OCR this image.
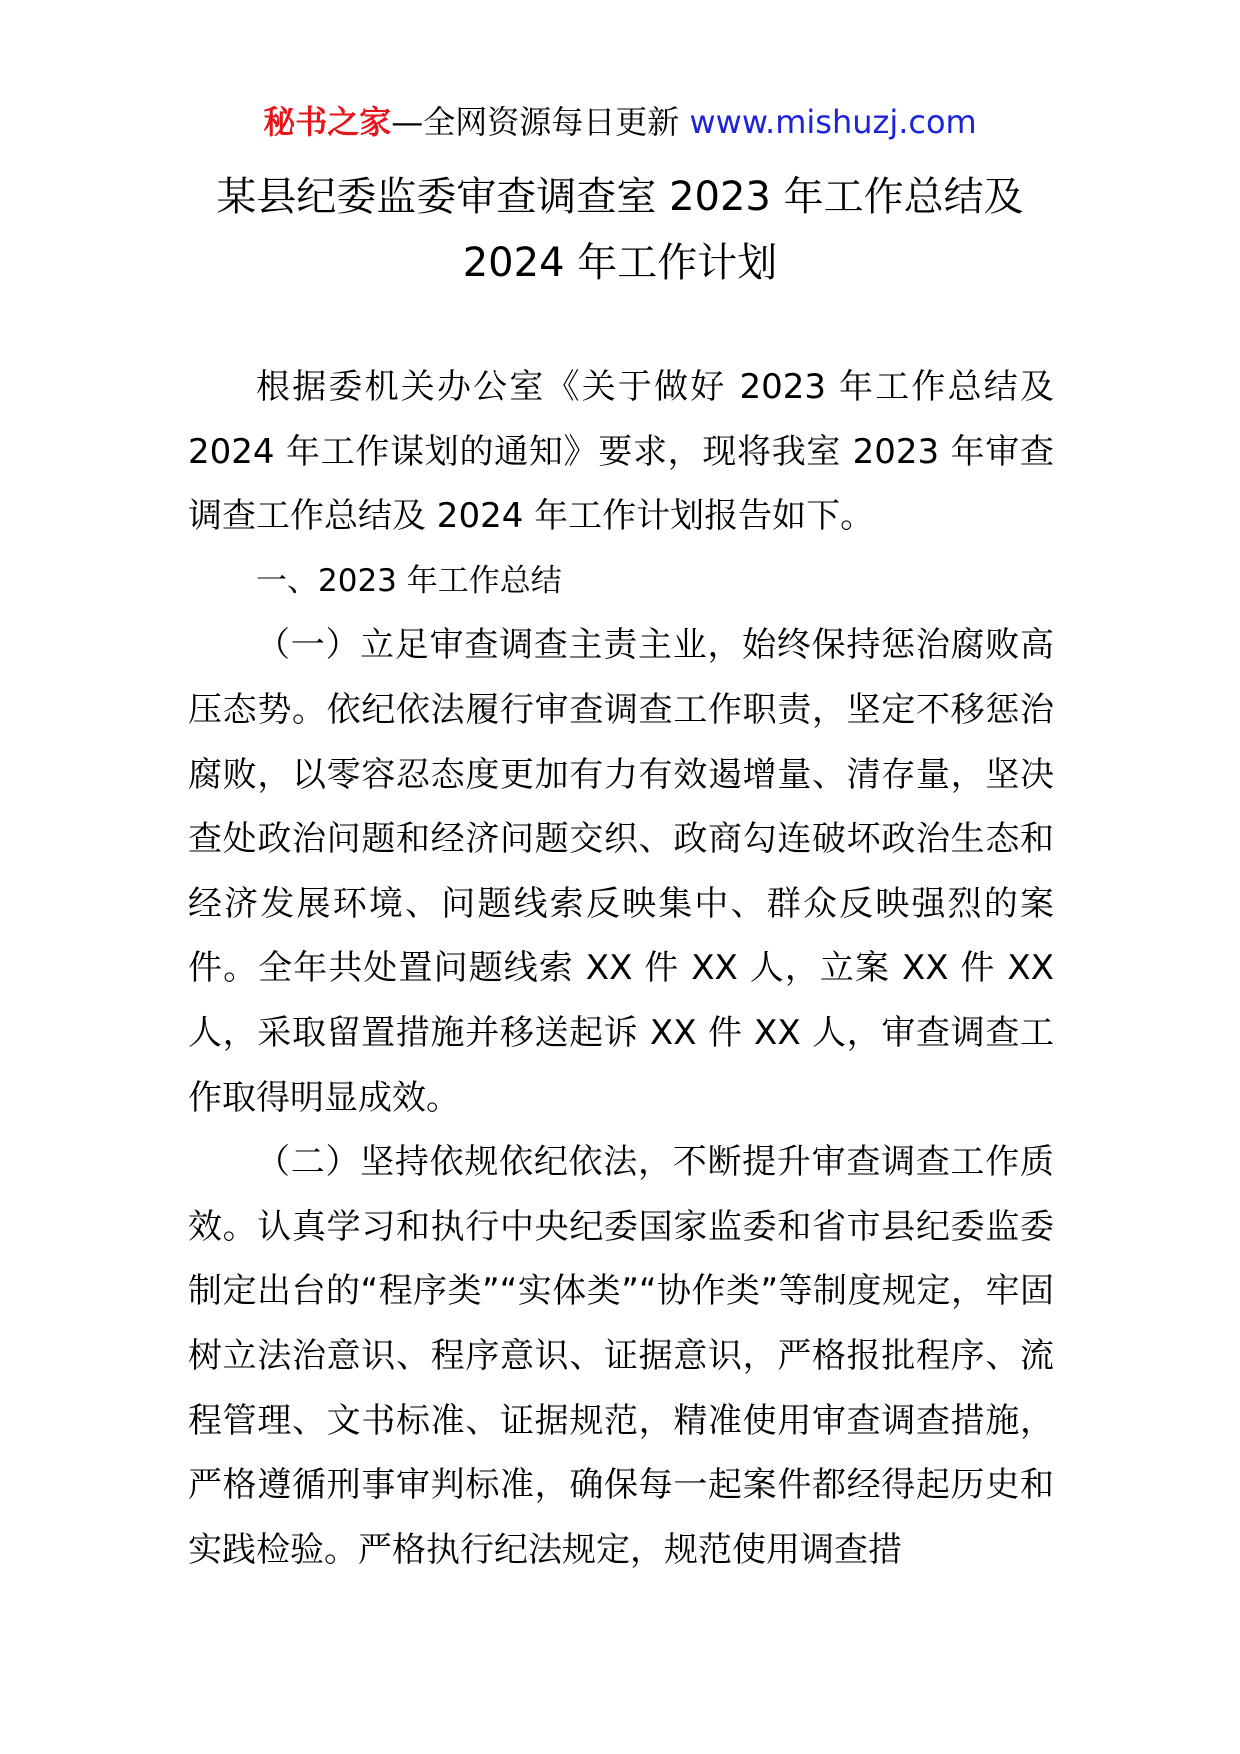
秘书之家—全网资源每日更新 www.mishuzj.com
某县纪委监委审查调查室 2023 年工作总结及
2024 年工作计划

根据委机关办公室《关于做好 2023 年工作总结及 2024 年工作谋划的通知》要求，现将我室 2023 年审查调查工作总结及 2024 年工作计划报告如下。

一、2023 年工作总结

（一）立足审查调查主责主业，始终保持惩治腐败高压态势。依纪依法履行审查调查工作职责，坚定不移惩治腐败，以零容忍态度更加有力有效遏增量、清存量，坚决查处政治问题和经济问题交织、政商勾连破坏政治生态和经济发展环境、问题线索反映集中、群众反映强烈的案件。全年共处置问题线索 XX 件 XX 人，立案 XX 件 XX 人，采取留置措施并移送起诉 XX 件 XX 人，审查调查工作取得明显成效。

（二）坚持依规依纪依法，不断提升审查调查工作质效。认真学习和执行中央纪委国家监委和省市县纪委监委制定出台的“程序类”“实体类”“协作类”等制度规定，牢固树立法治意识、程序意识、证据意识，严格报批程序、流程管理、文书标准、证据规范，精准使用审查调查措施，严格遵循刑事审判标准，确保每一起案件都经得起历史和实践检验。严格执行纪法规定，规范使用调查措
